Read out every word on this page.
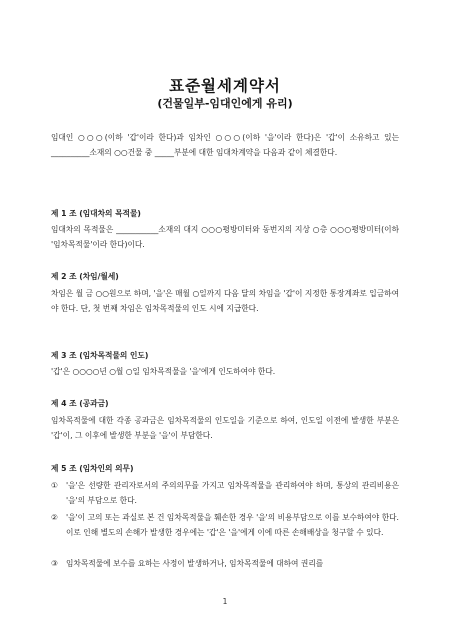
표준월세계약서
(건물일부-임대인에게 유리)

임대인 ○○○(이하 '갑'이라 한다)과 임차인 ○○○(이하 '을'이라 한다)은 '갑'이 소유하고 있는 __________소재의 ○○건물 중 _____부분에 대한 임대차계약을 다음과 같이 체결한다.

제 1 조 (임대차의 목적물)

임대차의 목적물은 ___________소재의 대지 ○○○평방미터와 동번지의 지상 ○층 ○○○평방미터(이하 '임차목적물'이라 한다)이다.

제 2 조 (차임/월세)

차임은 월 금 ○○원으로 하며, '을'은 매월 ○일까지 다음 달의 차임을 '갑'이 지정한 통장계좌로 입금하여야 한다. 단, 첫 번째 차임은 임차목적물의 인도 시에 지급한다.

제 3 조 (임차목적물의 인도)

'갑'은 ○○○○년 ○월 ○일 임차목적물을 '을'에게 인도하여야 한다.

제 4 조 (공과금)

임차목적물에 대한 각종 공과금은 임차목적물의 인도일을 기준으로 하여, 인도일 이전에 발생한 부분은 '갑'이, 그 이후에 발생한 부분을 '을'이 부담한다.

제 5 조 (임차인의 의무)

① '을'은 선량한 관리자로서의 주의의무를 가지고 임차목적물을 관리하여야 하며, 통상의 관리비용은 '을'의 부담으로 한다.

② '을'이 고의 또는 과실로 본 건 임차목적물을 훼손한 경우 '을'의 비용부담으로 이를 보수하여야 한다. 이로 인해 별도의 손해가 발생한 경우에는 '갑'은 '을'에게 이에 따른 손해배상을 청구할 수 있다.

③ 임차목적물에 보수를 요하는 사정이 발생하거나, 임차목적물에 대하여 권리를

1
